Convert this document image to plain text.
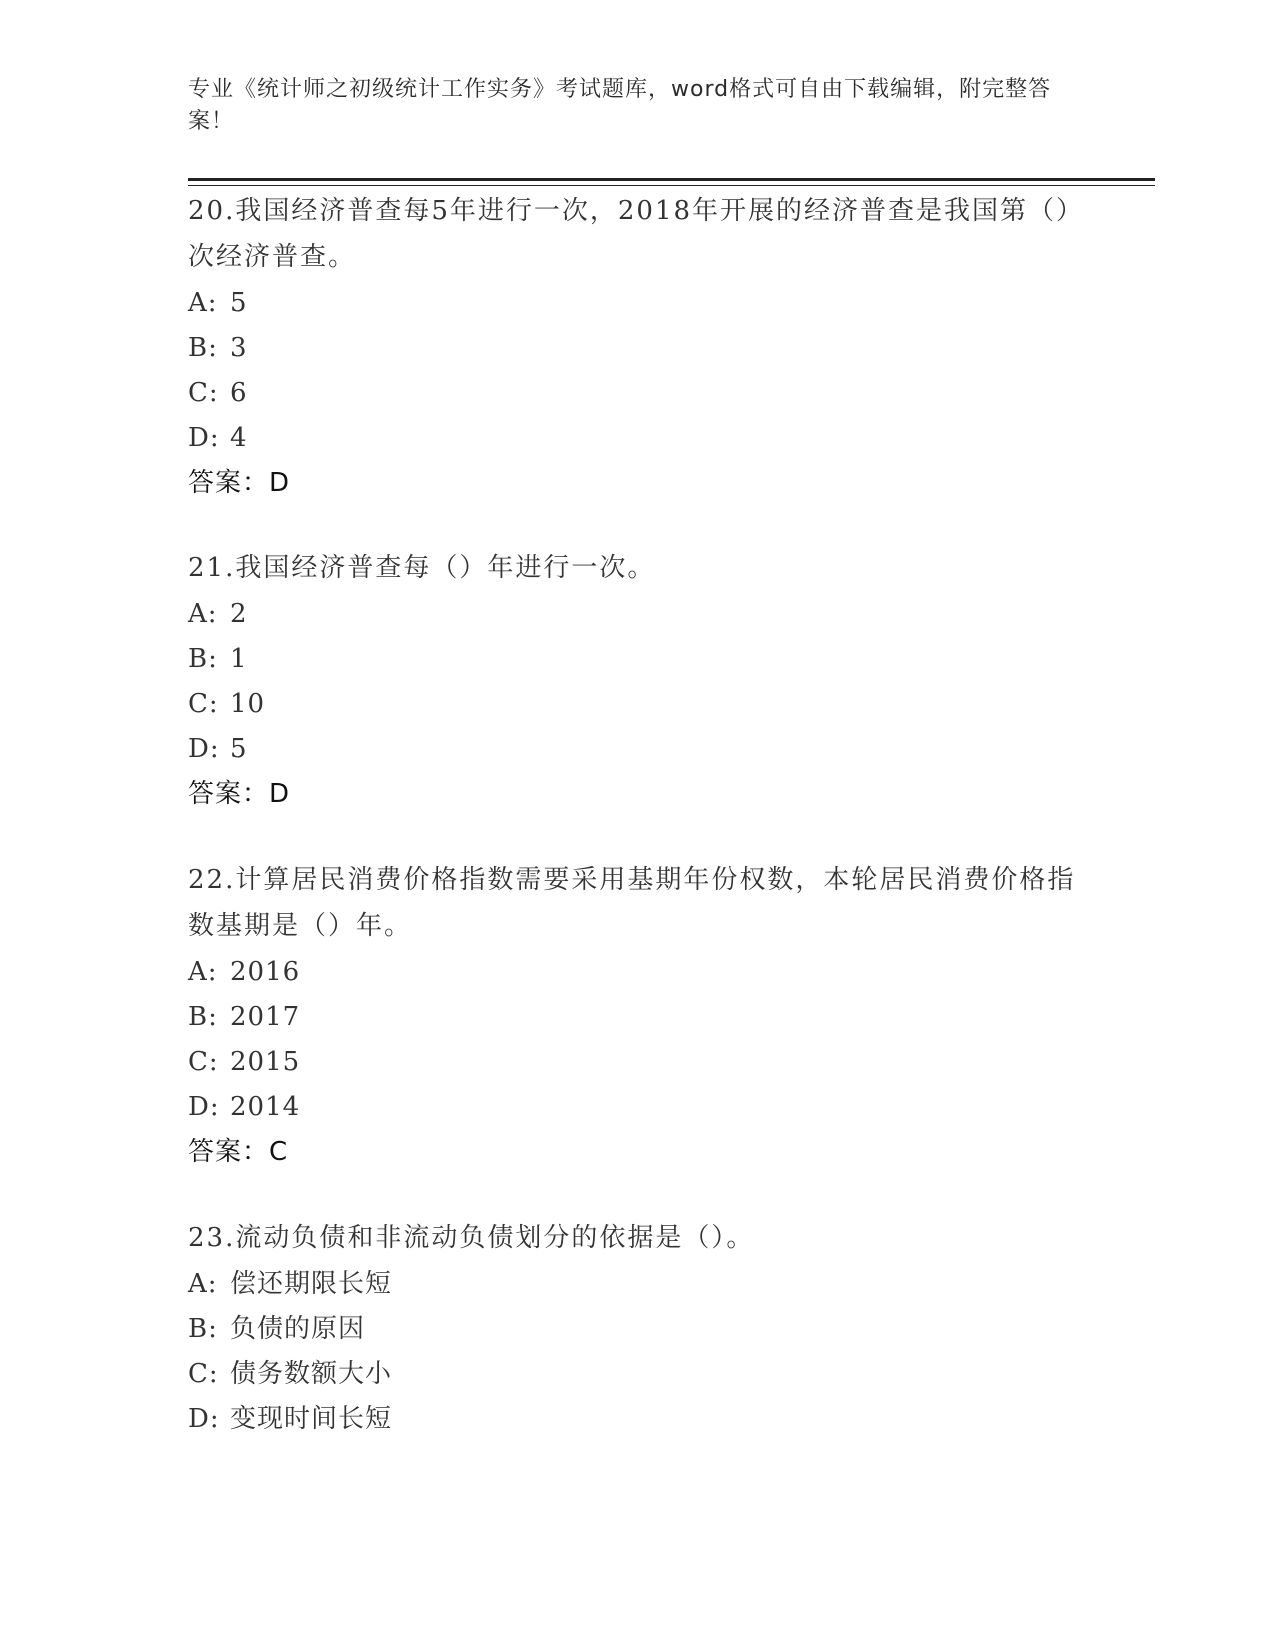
专业《统计师之初级统计工作实务》考试题库，word格式可自由下载编辑，附完整答案！
20.我国经济普查每5年进行一次，2018年开展的经济普查是我国第（）次经济普查。
A: 5
B: 3
C: 6
D: 4
答案：D
21.我国经济普查每（）年进行一次。
A: 2
B: 1
C: 10
D: 5
答案：D
22.计算居民消费价格指数需要采用基期年份权数，本轮居民消费价格指数基期是（）年。
A: 2016
B: 2017
C: 2015
D: 2014
答案：C
23.流动负债和非流动负债划分的依据是（）。
A: 偿还期限长短
B: 负债的原因
C: 债务数额大小
D: 变现时间长短
